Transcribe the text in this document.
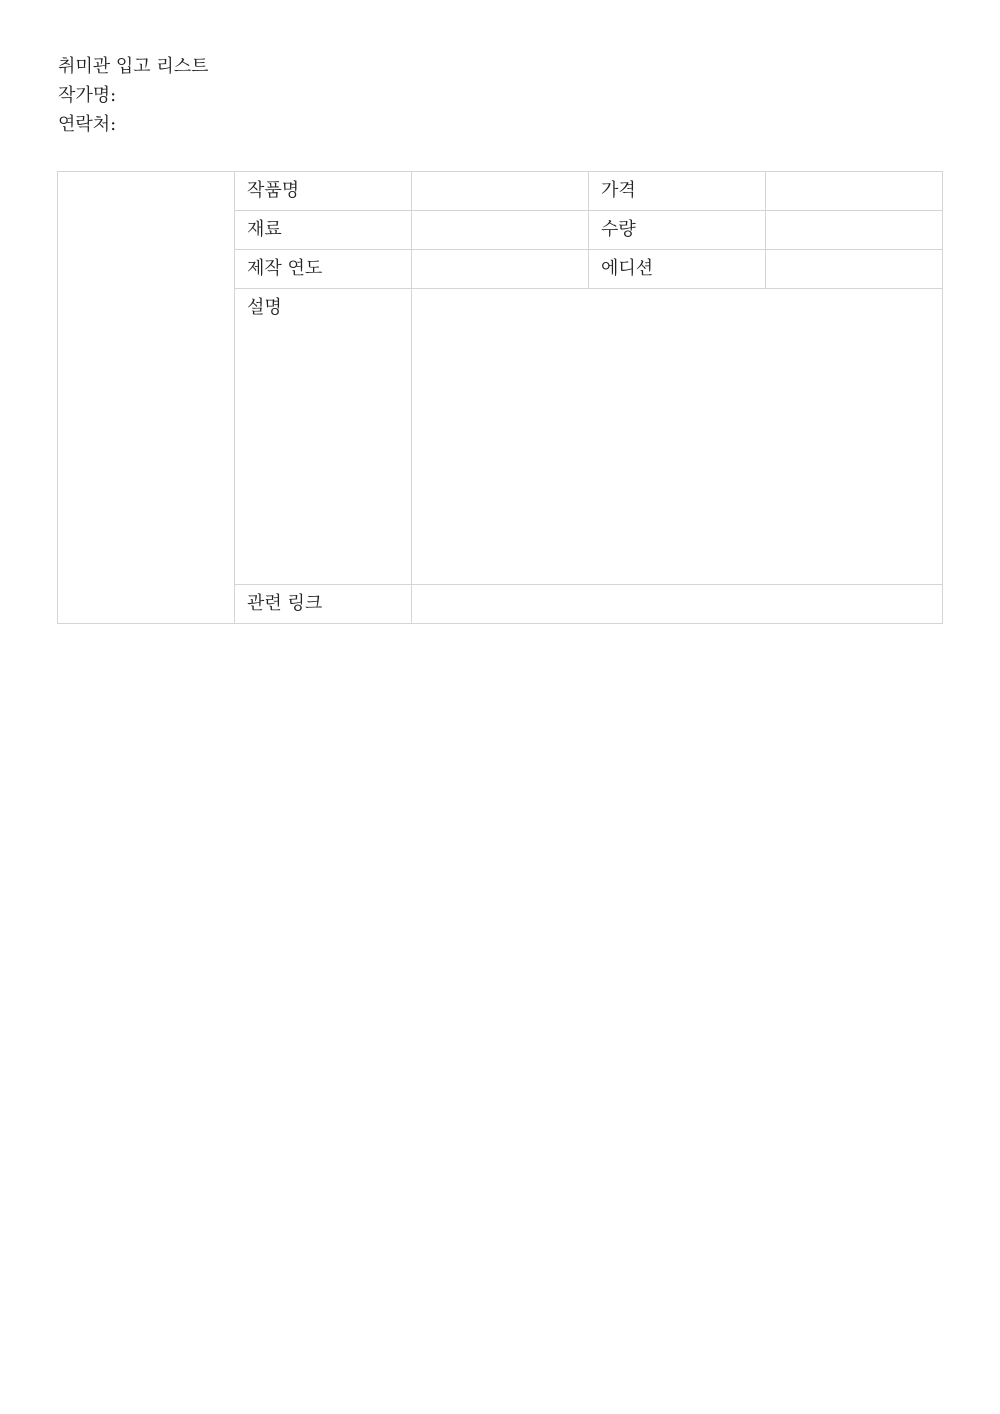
취미관 입고 리스트
작가명:
연락처:
	작품명		가격	
	재료		수량	
	제작 연도		에디션	
	설명			
	관련 링크			
